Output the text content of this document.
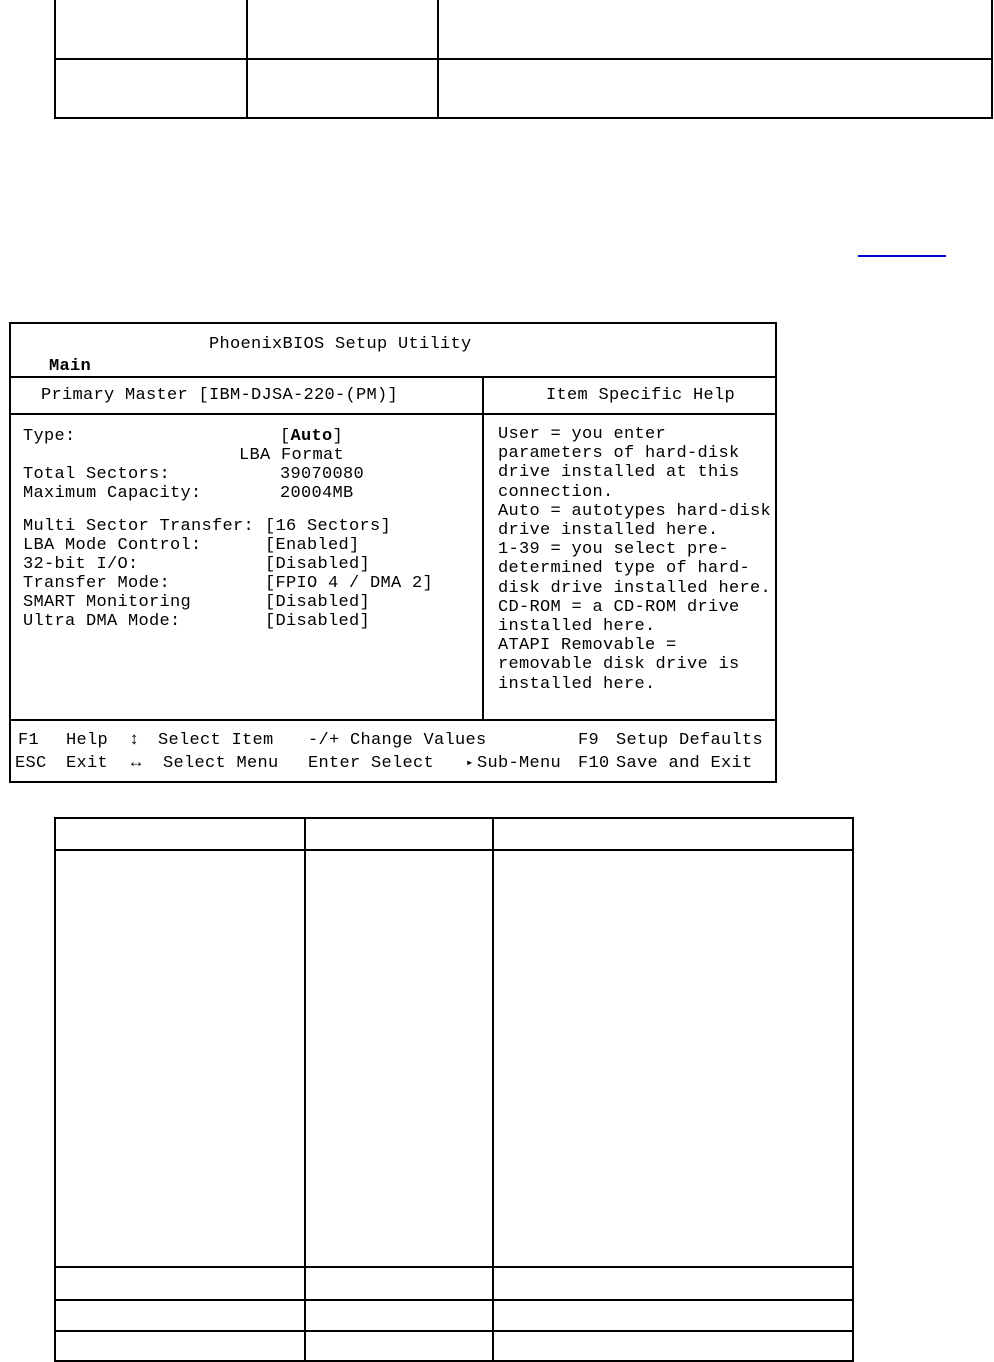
PhoenixBIOS Setup Utility
Main
Primary Master [IBM-DJSA-220-(PM)]	Item Specific Help
Type:	[Auto]
LBA Format
Total Sectors:	39070080
Maximum Capacity:	20004MB
Multi Sector Transfer: [16 Sectors]
LBA Mode Control:	[Enabled]
32-bit I/O:	[Disabled]
Transfer Mode:	[FPIO 4 / DMA 2]
SMART Monitoring	[Disabled]
Ultra DMA Mode:	[Disabled]
User = you enter
parameters of hard-disk
drive installed at this
connection.
Auto = autotypes hard-disk
drive installed here.
1-39 = you select pre-
determined type of hard-
disk drive installed here.
CD-ROM = a CD-ROM drive
installed here.
ATAPI Removable =
removable disk drive is
installed here.
F1 Help ↕ Select Item -/+ Change Values	F9 Setup Defaults
ESC Exit ↔ Select Menu Enter Select	▸ Sub-Menu F10 Save and Exit
